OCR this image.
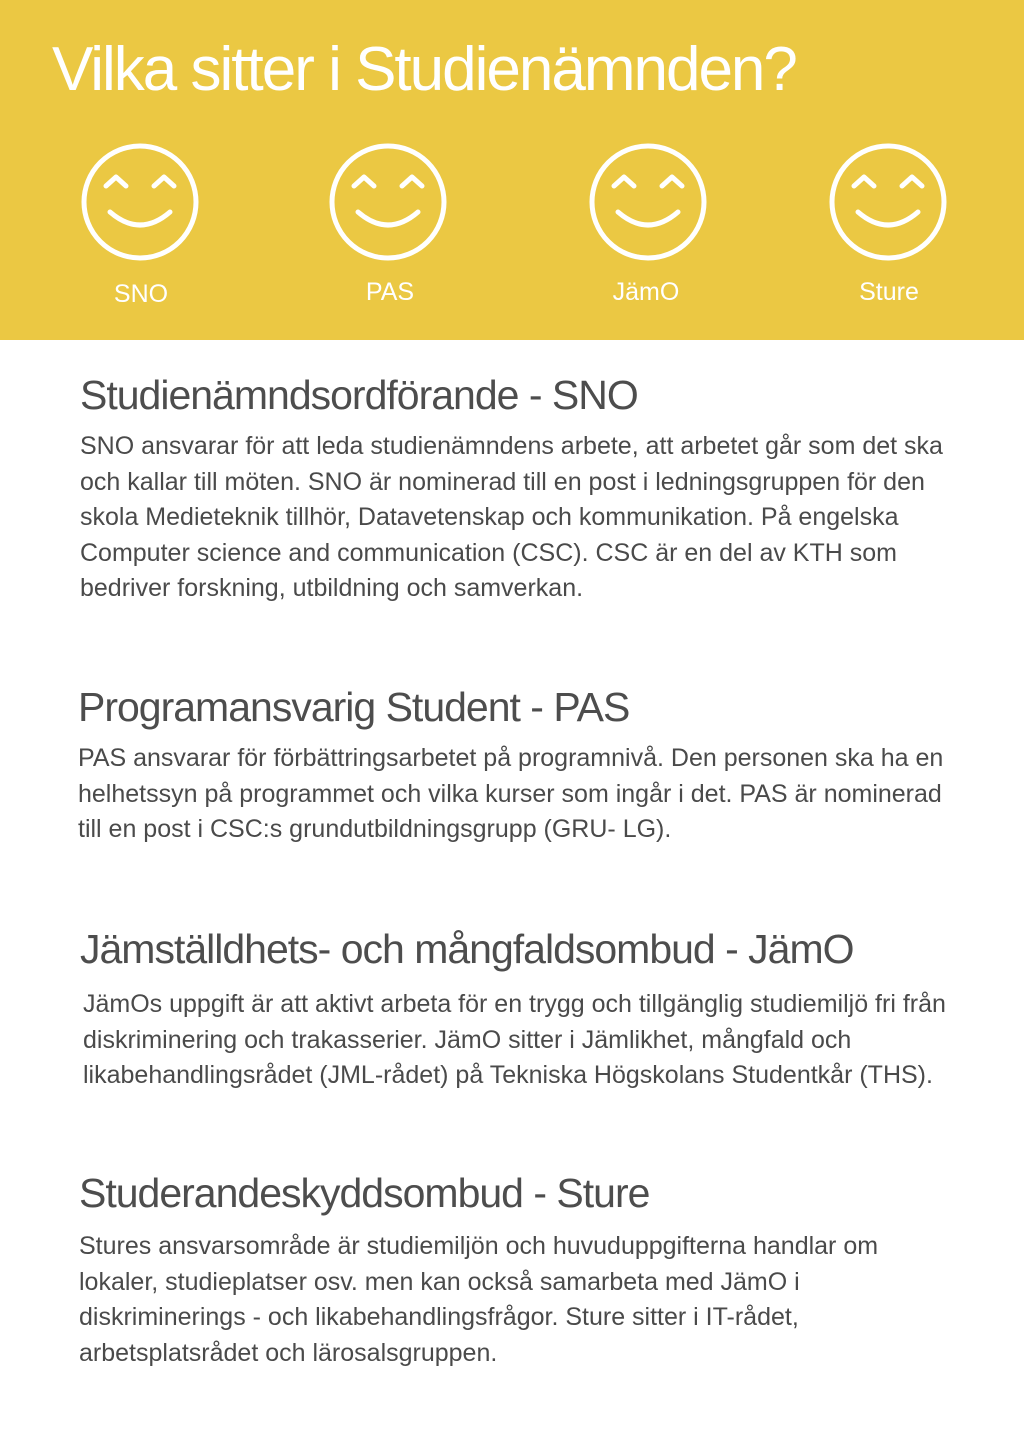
Vilka sitter i Studienämnden?
SNO	PAS	JämO	Sture
Studienämndsordförande - SNO

SNO ansvarar för att leda studienämndens arbete, att arbetet går som det ska och kallar till möten. SNO är nominerad till en post i ledningsgruppen för den skola Medieteknik tillhör, Datavetenskap och kommunikation. På engelska Computer science and communication (CSC). CSC är en del av KTH som bedriver forskning, utbildning och samverkan.

Programansvarig Student - PAS

PAS ansvarar för förbättringsarbetet på programnivå. Den personen ska ha en helhetssyn på programmet och vilka kurser som ingår i det. PAS är nominerad till en post i CSC:s grundutbildningsgrupp (GRU- LG).

Jämställdhets- och mångfaldsombud - JämO

JämOs uppgift är att aktivt arbeta för en trygg och tillgänglig studiemiljö fri från diskriminering och trakasserier. JämO sitter i Jämlikhet, mångfald och likabehandlingsrådet (JML-rådet) på Tekniska Högskolans Studentkår (THS).

Studerandeskyddsombud - Sture

Stures ansvarsområde är studiemiljön och huvuduppgifterna handlar om lokaler, studieplatser osv. men kan också samarbeta med JämO i diskriminerings - och likabehandlingsfrågor. Sture sitter i IT-rådet, arbetsplatsrådet och lärosalsgruppen.
